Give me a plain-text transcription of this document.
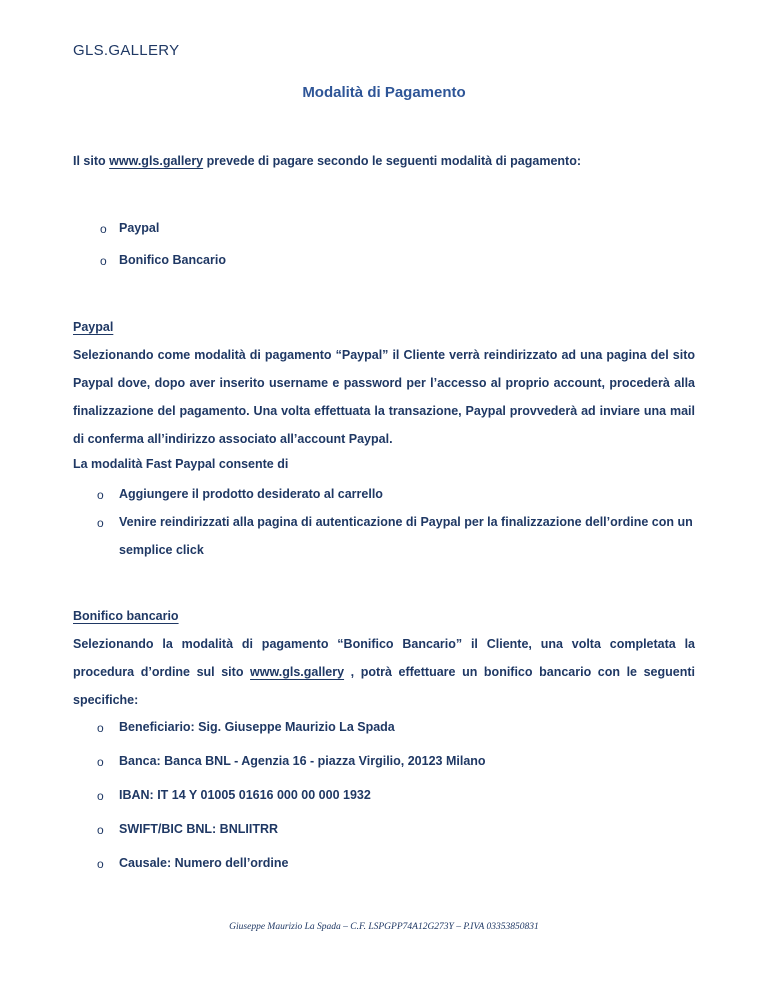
GLS.GALLERY
Modalità di Pagamento
Il sito www.gls.gallery prevede di pagare secondo le seguenti modalità di pagamento:
o Paypal
o Bonifico Bancario
Paypal
Selezionando come modalità di pagamento “Paypal” il Cliente verrà reindirizzato ad una pagina del sito Paypal dove, dopo aver inserito username e password per l’accesso al proprio account, procederà alla finalizzazione del pagamento. Una volta effettuata la transazione, Paypal provvederà ad inviare una mail di conferma all’indirizzo associato all’account Paypal.
La modalità Fast Paypal consente di
o Aggiungere il prodotto desiderato al carrello
o Venire reindirizzati alla pagina di autenticazione di Paypal per la finalizzazione dell’ordine con un semplice click
Bonifico bancario
Selezionando la modalità di pagamento “Bonifico Bancario” il Cliente, una volta completata la procedura d’ordine sul sito www.gls.gallery , potrà effettuare un bonifico bancario con le seguenti specifiche:
o Beneficiario: Sig. Giuseppe Maurizio La Spada
o Banca: Banca BNL - Agenzia 16 - piazza Virgilio, 20123 Milano
o IBAN: IT 14 Y 01005 01616 000 00 000 1932
o SWIFT/BIC BNL: BNLIITRR
o Causale: Numero dell’ordine
Giuseppe Maurizio La Spada – C.F. LSPGPP74A12G273Y – P.IVA 03353850831
